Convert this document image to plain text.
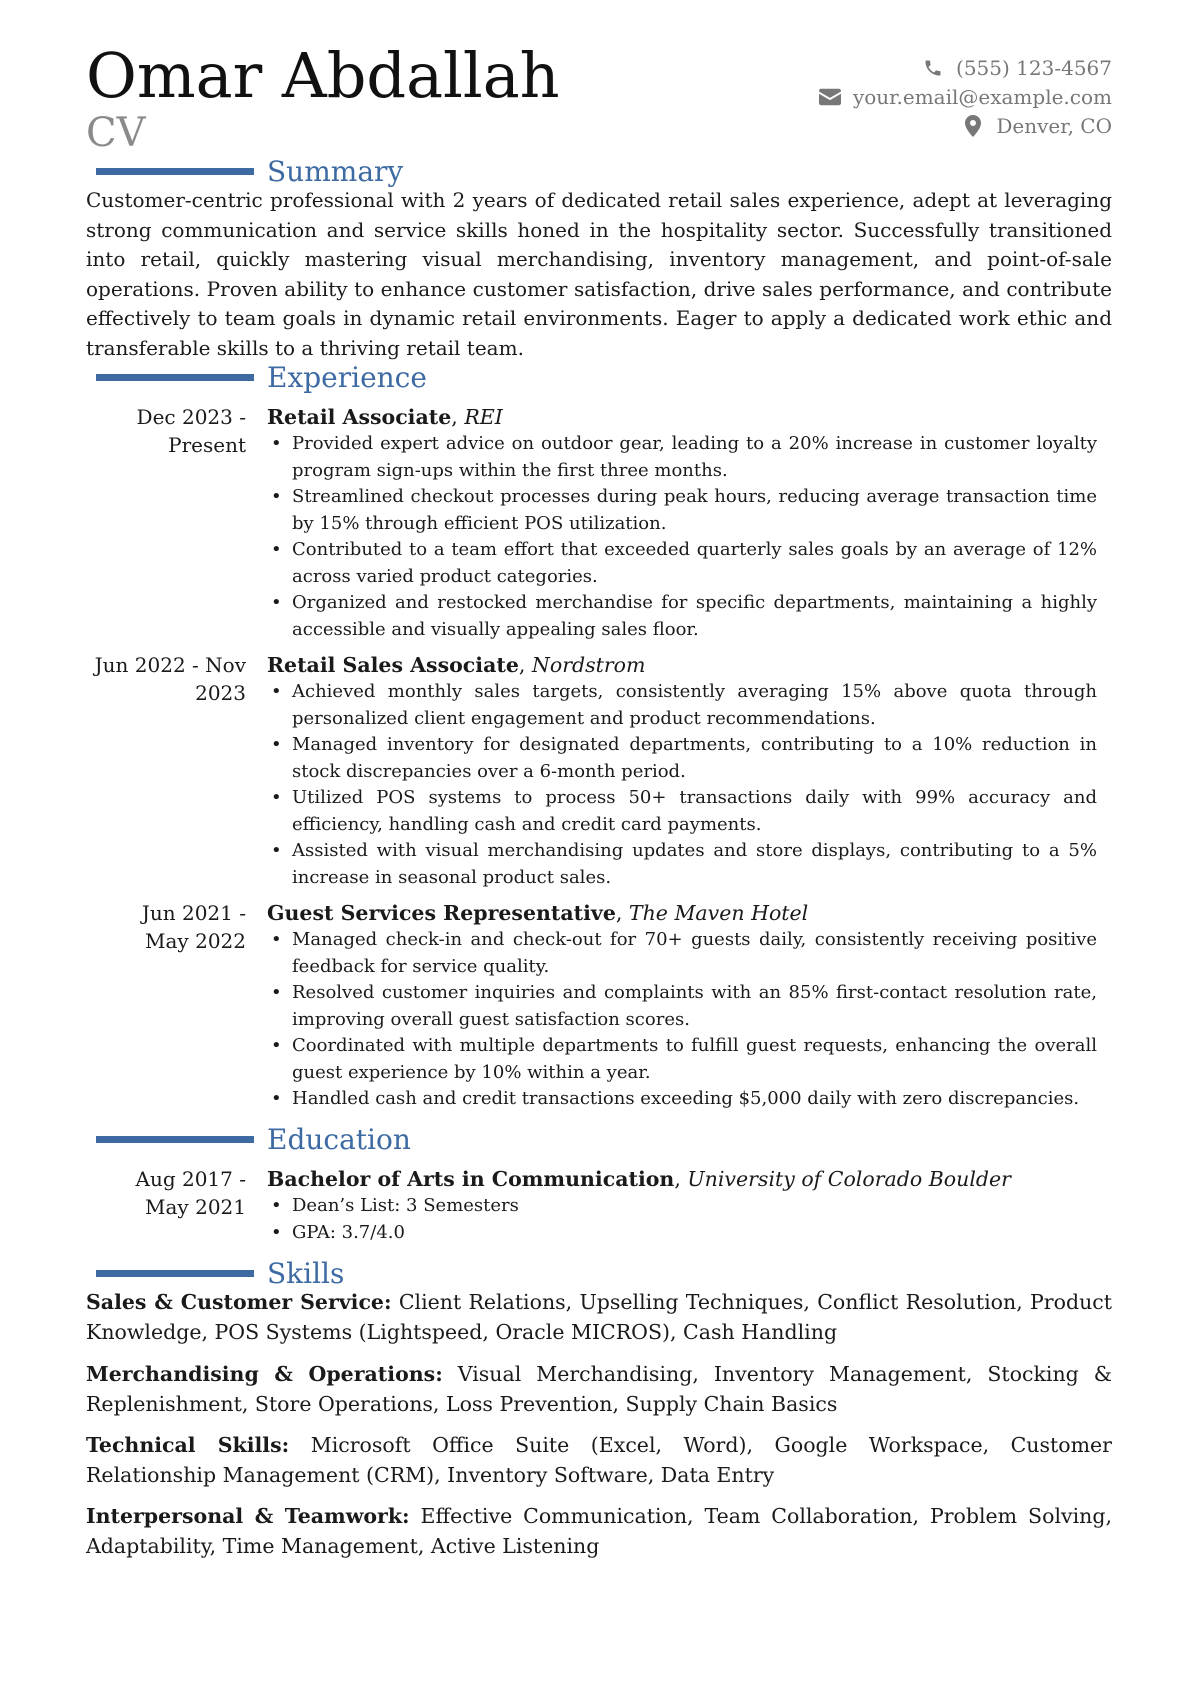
Omar Abdallah
CV
(555) 123-4567
your.email@example.com
Denver, CO
Summary
Customer-centric professional with 2 years of dedicated retail sales experience, adept at leveraging strong communication and service skills honed in the hospitality sector. Successfully transitioned into retail, quickly mastering visual merchandising, inventory management, and point-of-sale operations. Proven ability to enhance customer satisfaction, drive sales performance, and contribute effectively to team goals in dynamic retail environments. Eager to apply a dedicated work ethic and transferable skills to a thriving retail team.
Experience
Dec 2023 -
Present
Retail Associate, REI
• Provided expert advice on outdoor gear, leading to a 20% increase in customer loyalty program sign-ups within the first three months.
• Streamlined checkout processes during peak hours, reducing average transaction time by 15% through efficient POS utilization.
• Contributed to a team effort that exceeded quarterly sales goals by an average of 12% across varied product categories.
• Organized and restocked merchandise for specific departments, maintaining a highly accessible and visually appealing sales floor.
Jun 2022 - Nov
2023
Retail Sales Associate, Nordstrom
• Achieved monthly sales targets, consistently averaging 15% above quota through personalized client engagement and product recommendations.
• Managed inventory for designated departments, contributing to a 10% reduction in stock discrepancies over a 6-month period.
• Utilized POS systems to process 50+ transactions daily with 99% accuracy and efficiency, handling cash and credit card payments.
• Assisted with visual merchandising updates and store displays, contributing to a 5% increase in seasonal product sales.
Jun 2021 -
May 2022
Guest Services Representative, The Maven Hotel
• Managed check-in and check-out for 70+ guests daily, consistently receiving positive feedback for service quality.
• Resolved customer inquiries and complaints with an 85% first-contact resolution rate, improving overall guest satisfaction scores.
• Coordinated with multiple departments to fulfill guest requests, enhancing the overall guest experience by 10% within a year.
• Handled cash and credit transactions exceeding $5,000 daily with zero discrepancies.
Education
Aug 2017 -
May 2021
Bachelor of Arts in Communication, University of Colorado Boulder
• Dean’s List: 3 Semesters
• GPA: 3.7/4.0
Skills
Sales & Customer Service: Client Relations, Upselling Techniques, Conflict Resolution, Product Knowledge, POS Systems (Lightspeed, Oracle MICROS), Cash Handling
Merchandising & Operations: Visual Merchandising, Inventory Management, Stocking & Replenishment, Store Operations, Loss Prevention, Supply Chain Basics
Technical Skills: Microsoft Office Suite (Excel, Word), Google Workspace, Customer Relationship Management (CRM), Inventory Software, Data Entry
Interpersonal & Teamwork: Effective Communication, Team Collaboration, Problem Solving, Adaptability, Time Management, Active Listening
